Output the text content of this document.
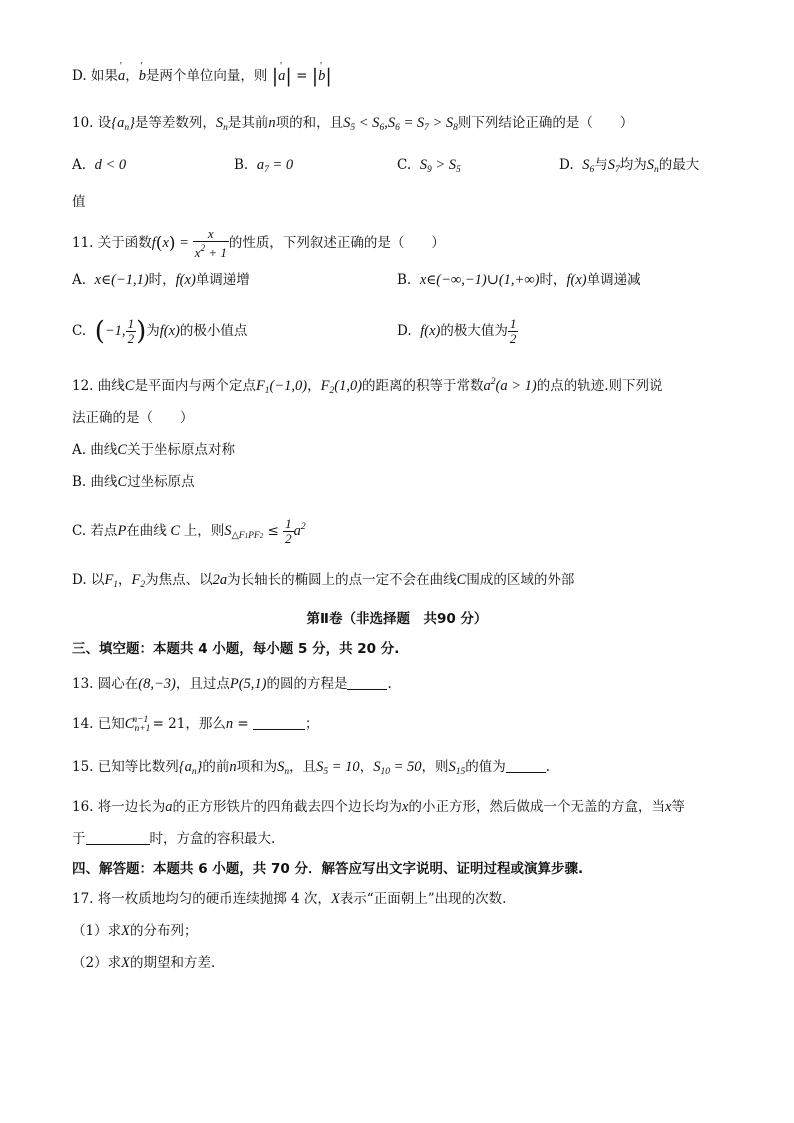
D. 如果' a，' b是两个单位向量，则 |' a| = |' b|
10. 设$\{a_n\}$是等差数列，$S_n$是其前n项的和，且$S_5 < S_6,S_6 = S_7 > S_8$则下列结论正确的是（　　）
A. d < 0	B. $a_7 = 0$	C. $S_9 > S_5$	D. $S_6$与$S_7$均为$S_n$的最大
值
11. 关于函数$f(x) = \frac{x}{x^2 + 1}$ 的性质，下列叙述正确的是（　　）
A. x∈(−1,1)时，f(x)单调递增	B. x∈(−∞,−1)∪(1,+∞)时，f(x)单调递减
C. (−1, $\frac{1}{2}$ )为f(x)的极小值点	D. f(x)的极大值为 $\frac{1}{2}$
12. 曲线C是平面内与两个定点$F_1(-1,0)$，$F_2(1,0)$的距离的积等于常数$a^2(a > 1)$的点的轨迹.则下列说
法正确的是（　　）
A. 曲线C关于坐标原点对称
B. 曲线C过坐标原点
C. 若点P在曲线 C 上，则$S_{\triangle F1PF2} \le \frac{1}{2} a^2$
D. 以$F_1$，$F_2$为焦点、以2a为长轴长的椭圆上的点一定不会在曲线C围成的区域的外部
第Ⅱ卷（非选择题　共90 分）
三、填空题：本题共 4 小题，每小题 5 分，共 20 分.
13. 圆心在(8,−3)，且过点P(5,1)的圆的方程是	.
14. 已知$C_{n+1}^{n-1} = 21$，那么n =	；
15. 已知等比数列$\{a_n\}$的前n项和为$S_n$，且$S_5 = 10$，$S_{10} = 50$，则$S_{15}$的值为	.
16. 将一边长为a的正方形铁片的四角截去四个边长均为x的小正方形，然后做成一个无盖的方盒，当x等
于	时，方盒的容积最大.
四、解答题：本题共 6 小题，共 70 分．解答应写出文字说明、证明过程或演算步骤.
17. 将一枚质地均匀的硬币连续抛掷 4 次，X表示“正面朝上”出现的次数.
（1）求X的分布列；
（2）求X的期望和方差.
